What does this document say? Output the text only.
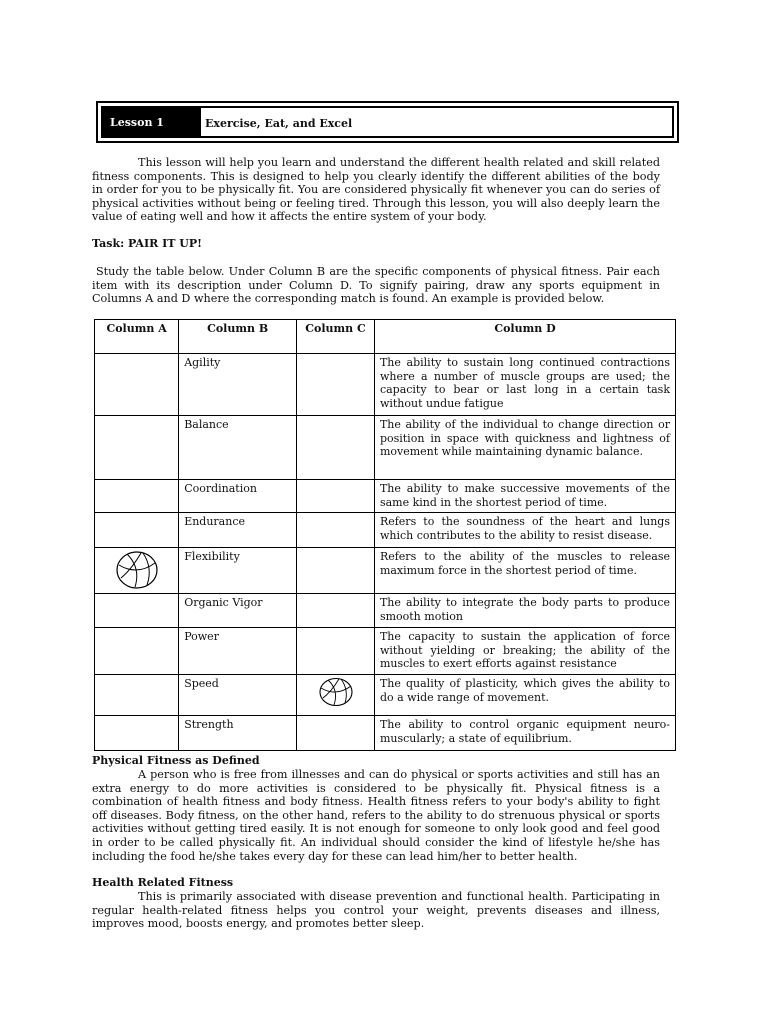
Lesson 1	Exercise, Eat, and Excel

This lesson will help you learn and understand the different health related and skill related fitness components. This is designed to help you clearly identify the different abilities of the body in order for you to be physically fit. You are considered physically fit whenever you can do series of physical activities without being or feeling tired. Through this lesson, you will also deeply learn the value of eating well and how it affects the entire system of your body.

Task: PAIR IT UP!

Study the table below. Under Column B are the specific components of physical fitness. Pair each item with its description under Column D. To signify pairing, draw any sports equipment in Columns A and D where the corresponding match is found. An example is provided below.

Column A	Column B	Column C	Column D
	Agility		The ability to sustain long continued contractions where a number of muscle groups are used; the capacity to bear or last long in a certain task without undue fatigue
	Balance		The ability of the individual to change direction or position in space with quickness and lightness of movement while maintaining dynamic balance.
	Coordination		The ability to make successive movements of the same kind in the shortest period of time.
	Endurance		Refers to the soundness of the heart and lungs which contributes to the ability to resist disease.

	Flexibility		Refers to the ability of the muscles to release maximum force in the shortest period of time.
	Organic Vigor		The ability to integrate the body parts to produce smooth motion
	Power		The capacity to sustain the application of force without yielding or breaking; the ability of the muscles to exert efforts against resistance
	Speed		The quality of plasticity, which gives the ability to do a wide range of movement.
	Strength		The ability to control organic equipment neuro-muscularly; a state of equilibrium.

Physical Fitness as Defined

A person who is free from illnesses and can do physical or sports activities and still has an extra energy to do more activities is considered to be physically fit. Physical fitness is a combination of health fitness and body fitness. Health fitness refers to your body's ability to fight off diseases. Body fitness, on the other hand, refers to the ability to do strenuous physical or sports activities without getting tired easily. It is not enough for someone to only look good and feel good in order to be called physically fit. An individual should consider the kind of lifestyle he/she has including the food he/she takes every day for these can lead him/her to better health.

Health Related Fitness

This is primarily associated with disease prevention and functional health. Participating in regular health-related fitness helps you control your weight, prevents diseases and illness, improves mood, boosts energy, and promotes better sleep.
